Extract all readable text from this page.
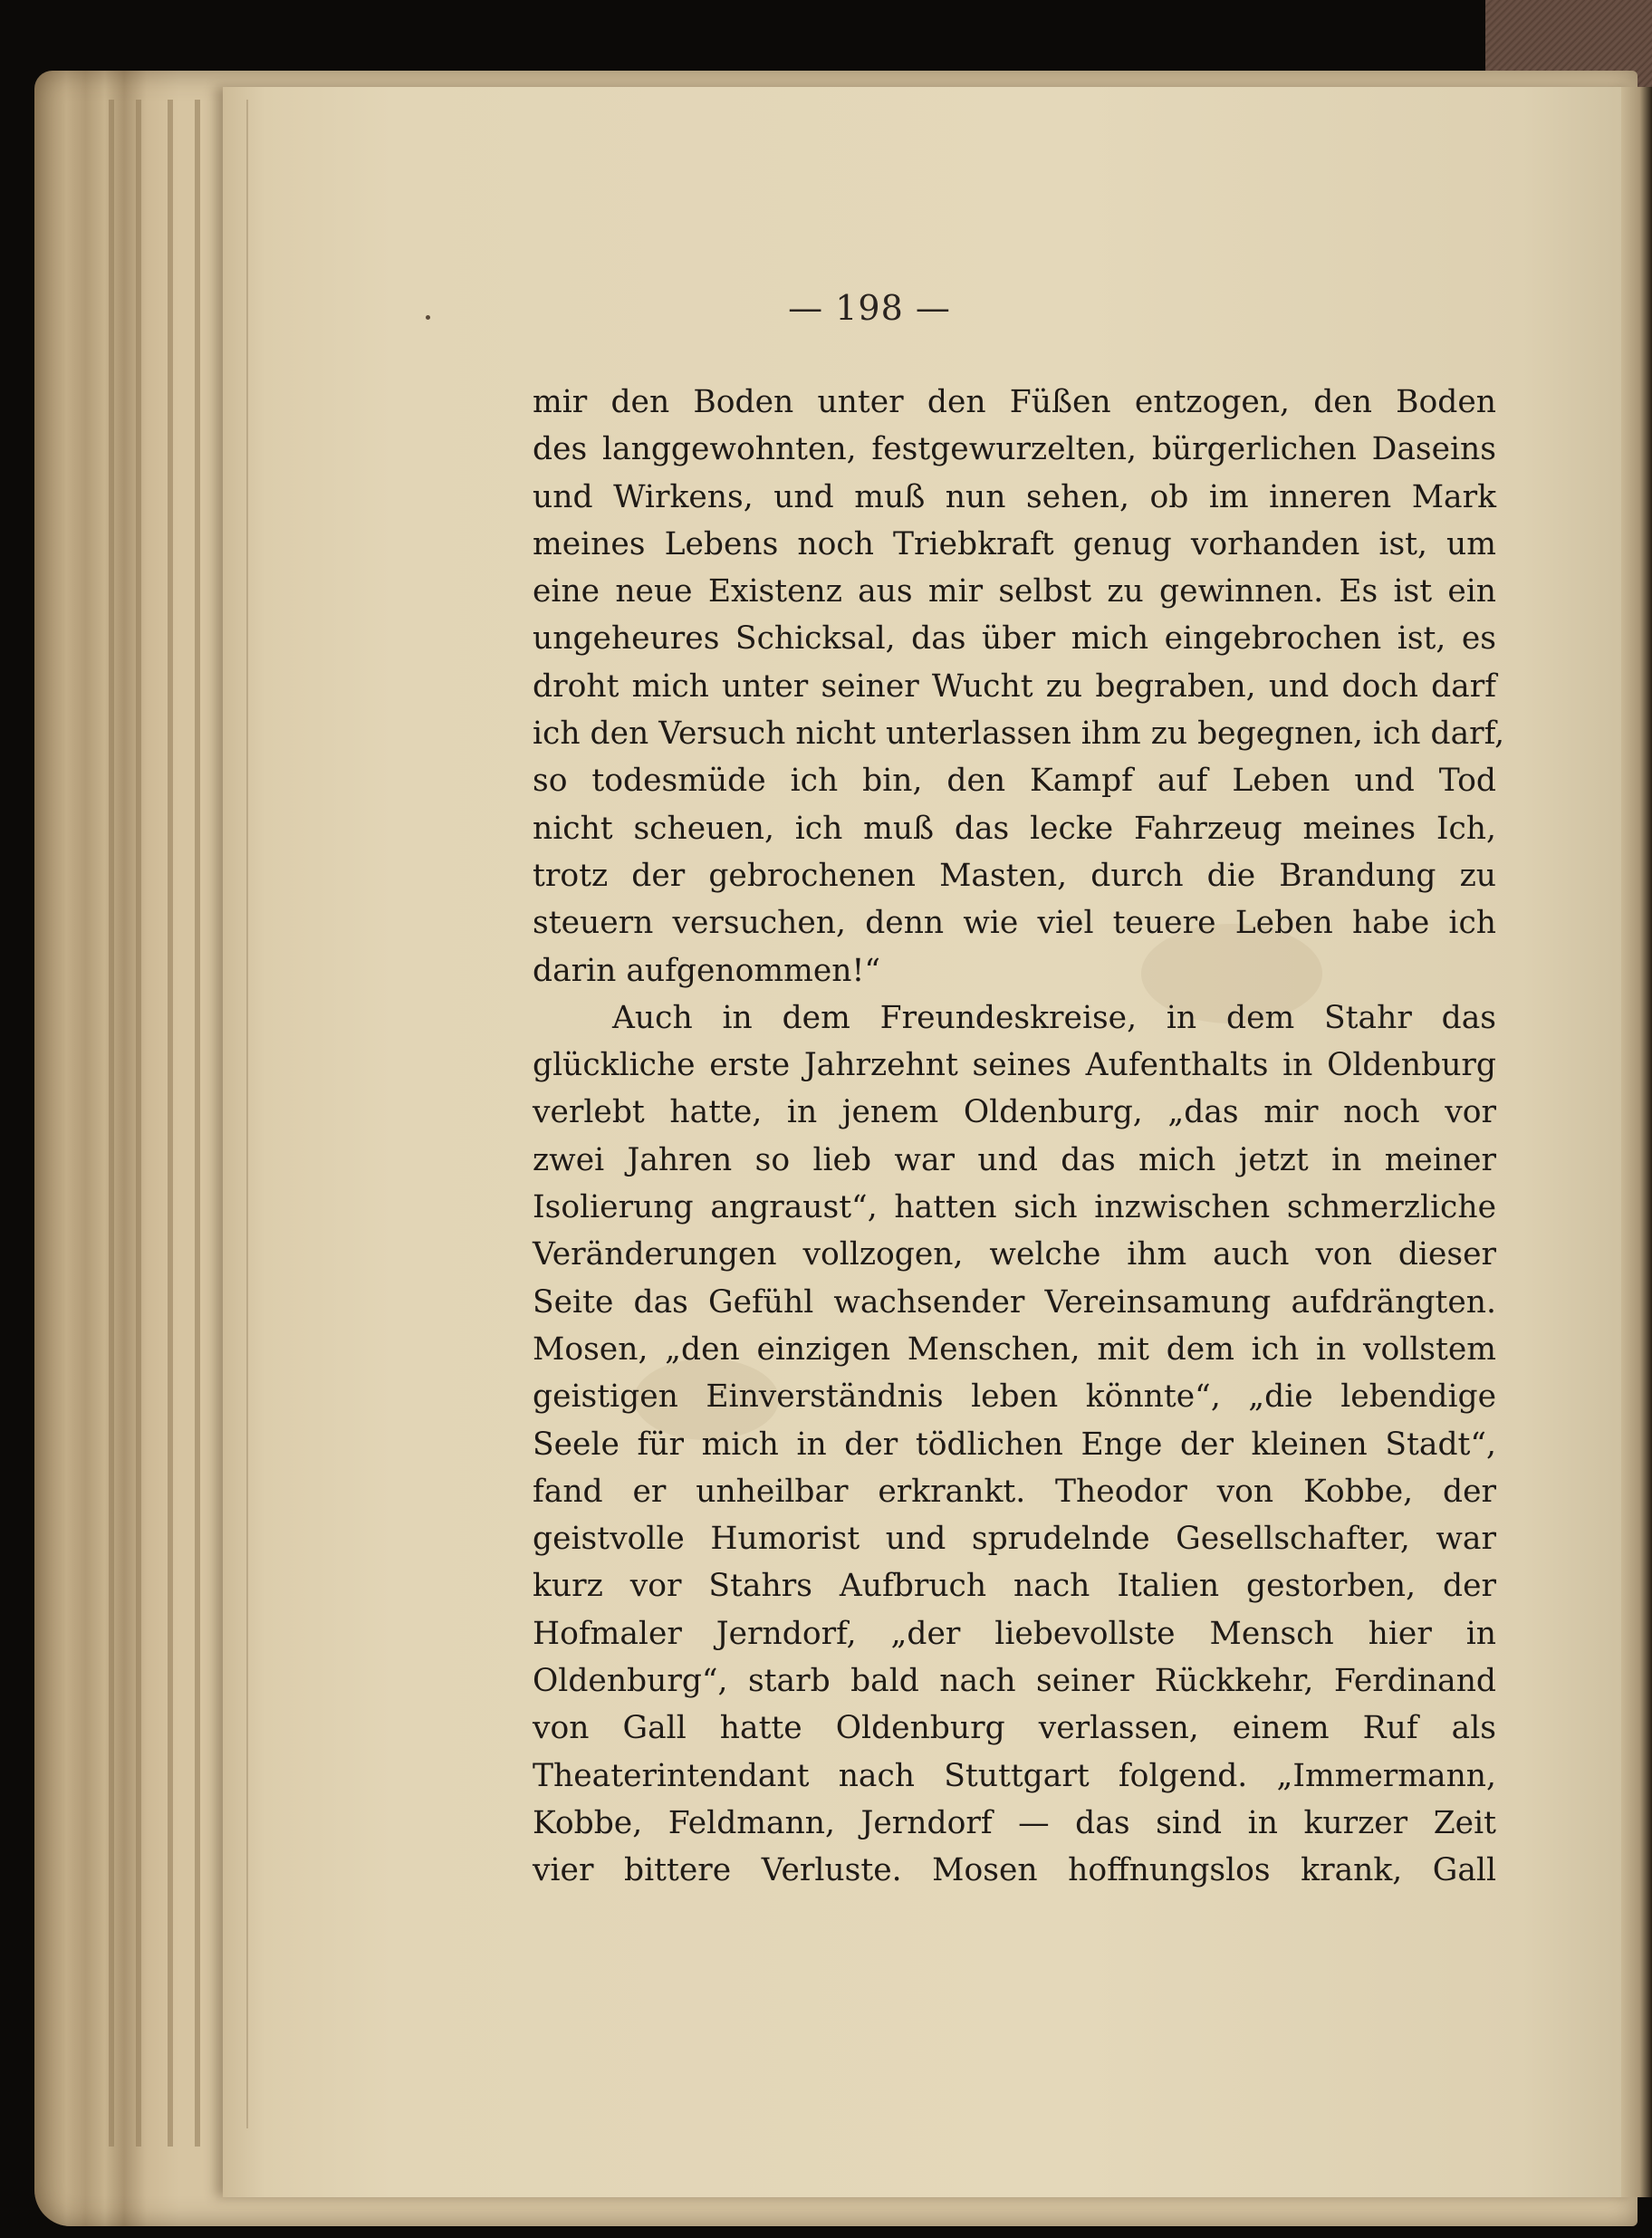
— 198 —
mir den Boden unter den Füßen entzogen, den Boden
des langgewohnten, festgewurzelten, bürgerlichen Daseins
und Wirkens, und muß nun sehen, ob im inneren Mark
meines Lebens noch Triebkraft genug vorhanden ist, um
eine neue Existenz aus mir selbst zu gewinnen. Es ist ein
ungeheures Schicksal, das über mich eingebrochen ist, es
droht mich unter seiner Wucht zu begraben, und doch darf
ich den Versuch nicht unterlassen ihm zu begegnen, ich darf,
so todesmüde ich bin, den Kampf auf Leben und Tod
nicht scheuen, ich muß das lecke Fahrzeug meines Ich,
trotz der gebrochenen Masten, durch die Brandung zu
steuern versuchen, denn wie viel teuere Leben habe ich
darin aufgenommen!“
Auch in dem Freundeskreise, in dem Stahr das
glückliche erste Jahrzehnt seines Aufenthalts in Oldenburg
verlebt hatte, in jenem Oldenburg, „das mir noch vor
zwei Jahren so lieb war und das mich jetzt in meiner
Isolierung angraust“, hatten sich inzwischen schmerzliche
Veränderungen vollzogen, welche ihm auch von dieser
Seite das Gefühl wachsender Vereinsamung aufdrängten.
Mosen, „den einzigen Menschen, mit dem ich in vollstem
geistigen Einverständnis leben könnte“, „die lebendige
Seele für mich in der tödlichen Enge der kleinen Stadt“,
fand er unheilbar erkrankt. Theodor von Kobbe, der
geistvolle Humorist und sprudelnde Gesellschafter, war
kurz vor Stahrs Aufbruch nach Italien gestorben, der
Hofmaler Jerndorf, „der liebevollste Mensch hier in
Oldenburg“, starb bald nach seiner Rückkehr, Ferdinand
von Gall hatte Oldenburg verlassen, einem Ruf als
Theaterintendant nach Stuttgart folgend. „Immermann,
Kobbe, Feldmann, Jerndorf — das sind in kurzer Zeit
vier bittere Verluste. Mosen hoffnungslos krank, Gall
